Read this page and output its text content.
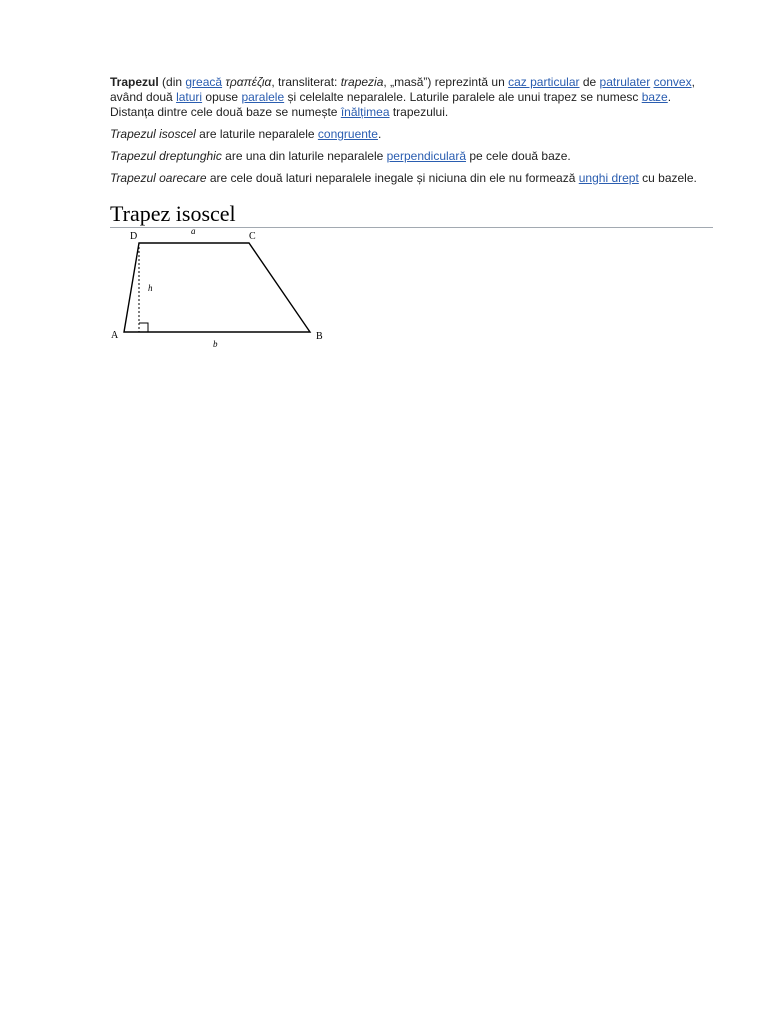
Trapezul (din greacă τραπέζια, transliterat: trapezia, „masă”) reprezintă un caz particular de patrulater convex, având două laturi opuse paralele și celelalte neparalele. Laturile paralele ale unui trapez se numesc baze. Distanța dintre cele două baze se numește înălțimea trapezului.

Trapezul isoscel are laturile neparalele congruente.

Trapezul dreptunghic are una din laturile neparalele perpendiculară pe cele două baze.

Trapezul oarecare are cele două laturi neparalele inegale și niciuna din ele nu formează unghi drept cu bazele.

Trapez isoscel
D	C
A	B
a
b
h
